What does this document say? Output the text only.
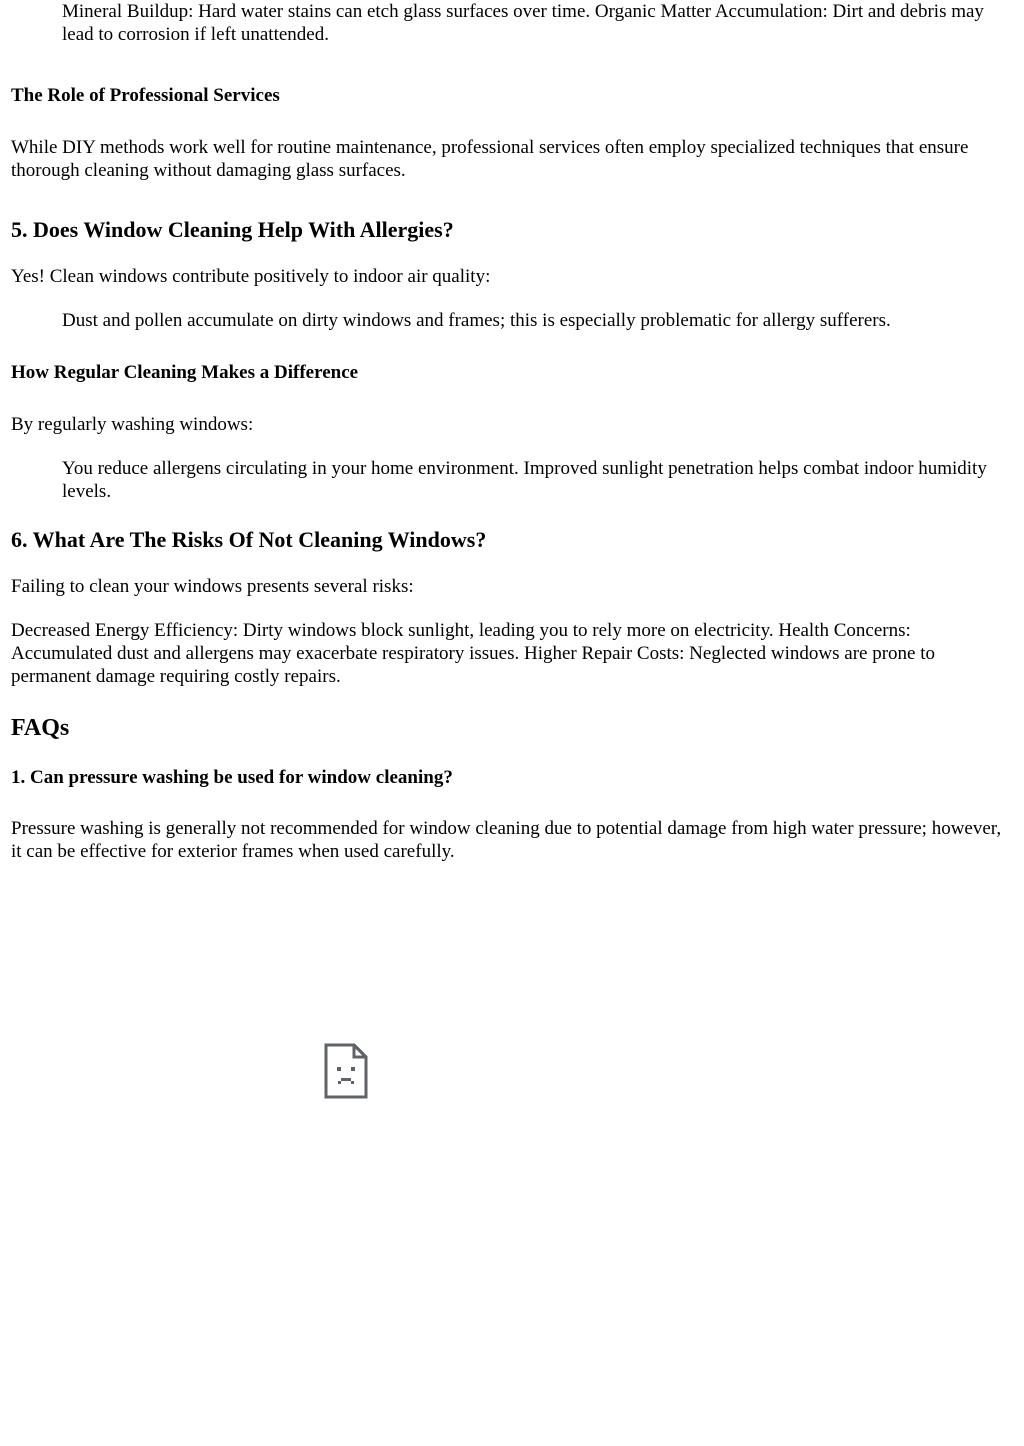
Mineral Buildup: Hard water stains can etch glass surfaces over time. Organic Matter Accumulation: Dirt and debris may lead to corrosion if left unattended.
The Role of Professional Services

While DIY methods work well for routine maintenance, professional services often employ specialized techniques that ensure thorough cleaning without damaging glass surfaces.

5. Does Window Cleaning Help With Allergies?

Yes! Clean windows contribute positively to indoor air quality:

Dust and pollen accumulate on dirty windows and frames; this is especially problematic for allergy sufferers.
How Regular Cleaning Makes a Difference

By regularly washing windows:

You reduce allergens circulating in your home environment. Improved sunlight penetration helps combat indoor humidity levels.
6. What Are The Risks Of Not Cleaning Windows?

Failing to clean your windows presents several risks:

Decreased Energy Efficiency: Dirty windows block sunlight, leading you to rely more on electricity. Health Concerns: Accumulated dust and allergens may exacerbate respiratory issues. Higher Repair Costs: Neglected windows are prone to permanent damage requiring costly repairs.

FAQs
1. Can pressure washing be used for window cleaning?

Pressure washing is generally not recommended for window cleaning due to potential damage from high water pressure; however, it can be effective for exterior frames when used carefully.
